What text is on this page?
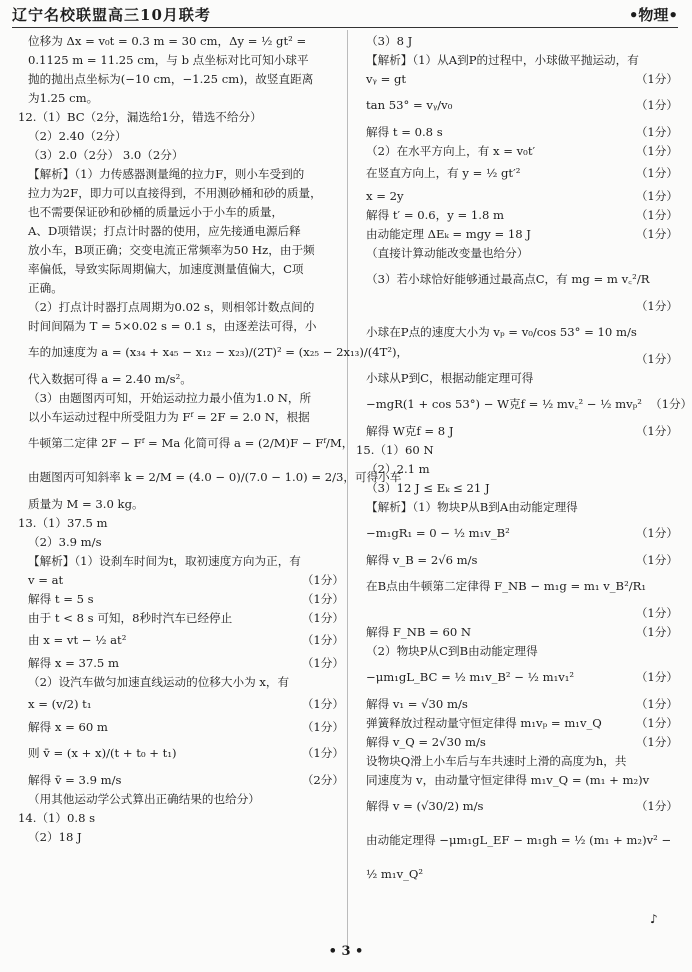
辽宁名校联盟高三10月联考	•物理•
位移为 Δx = v₀t = 0.3 m = 30 cm，Δy = ½ gt² =
0.1125 m = 11.25 cm，与 b 点坐标对比可知小球平
抛的抛出点坐标为(−10 cm，−1.25 cm)，故竖直距离
为1.25 cm。
12.（1）BC（2分，漏选给1分，错选不给分）
（2）2.40（2分）
（3）2.0（2分） 3.0（2分）
【解析】（1）力传感器测量绳的拉力F，则小车受到的
拉力为2F，即力可以直接得到，不用测砂桶和砂的质量，
也不需要保证砂和砂桶的质量远小于小车的质量，
A、D项错误；打点计时器的使用，应先接通电源后释
放小车，B项正确；交变电流正常频率为50 Hz，由于频
率偏低，导致实际周期偏大，加速度测量值偏大，C项
正确。
（2）打点计时器打点周期为0.02 s，则相邻计数点间的
时间间隔为 T = 5×0.02 s = 0.1 s，由逐差法可得，小
车的加速度为 a = (x₃₄ + x₄₅ − x₁₂ − x₂₃)/(2T)² = (x₂₅ − 2x₁₃)/(4T²)，
代入数据可得 a = 2.40 m/s²。
（3）由题图丙可知，开始运动拉力最小值为1.0 N，所
以小车运动过程中所受阻力为 Fᶠ = 2F = 2.0 N，根据
牛顿第二定律 2F − Fᶠ = Ma 化简可得 a = (2/M)F − Fᶠ/M，
由题图丙可知斜率 k = 2/M = (4.0 − 0)/(7.0 − 1.0) = 2/3，可得小车
质量为 M = 3.0 kg。
13.（1）37.5 m
（2）3.9 m/s
【解析】（1）设刹车时间为t，取初速度方向为正，有
v = at	（1分）
解得 t = 5 s	（1分）
由于 t < 8 s 可知，8秒时汽车已经停止	（1分）
由 x = vt − ½ at²	（1分）
解得 x = 37.5 m	（1分）
（2）设汽车做匀加速直线运动的位移大小为 x，有
x = (v/2) t₁	（1分）
解得 x = 60 m	（1分）
则 v̄ = (x + x)/(t + t₀ + t₁)	（1分）
解得 v̄ = 3.9 m/s	（2分）
（用其他运动学公式算出正确结果的也给分）
14.（1）0.8 s
（2）18 J
（3）8 J
【解析】（1）从A到P的过程中，小球做平抛运动，有
vᵧ = gt	（1分）
tan 53° = vᵧ/v₀	（1分）
解得 t = 0.8 s	（1分）
（2）在水平方向上，有 x = v₀t′	（1分）
在竖直方向上，有 y = ½ gt′²	（1分）
x = 2y	（1分）
解得 t′ = 0.6，y = 1.8 m	（1分）
由动能定理 ΔEₖ = mgy = 18 J	（1分）
（直接计算动能改变量也给分）
（3）若小球恰好能够通过最高点C，有 mg = m v꜀²/R
（1分）
小球在P点的速度大小为 vₚ = v₀/cos 53° = 10 m/s
（1分）
小球从P到C，根据动能定理可得
−mgR(1 + cos 53°) − W克f = ½ mv꜀² − ½ mvₚ² （1分）
解得 W克f = 8 J	（1分）
15.（1）60 N
（2）2.1 m
（3）12 J ≤ Eₖ ≤ 21 J
【解析】（1）物块P从B到A由动能定理得
−m₁gR₁ = 0 − ½ m₁v_B²	（1分）
解得 v_B = 2√6 m/s	（1分）
在B点由牛顿第二定律得 F_NB − m₁g = m₁ v_B²/R₁
（1分）
解得 F_NB = 60 N	（1分）
（2）物块P从C到B由动能定理得
−μm₁gL_BC = ½ m₁v_B² − ½ m₁v₁²	（1分）
解得 v₁ = √30 m/s	（1分）
弹簧释放过程动量守恒定律得 m₁vₚ = m₁v_Q	（1分）
解得 v_Q = 2√30 m/s	（1分）
设物块Q滑上小车后与车共速时上滑的高度为h，共
同速度为 v，由动量守恒定律得 m₁v_Q = (m₁ + m₂)v
解得 v = (√30/2) m/s	（1分）
由动能定理得 −μm₁gL_EF − m₁gh = ½ (m₁ + m₂)v² −
½ m₁v_Q²
♪
• 3 •
